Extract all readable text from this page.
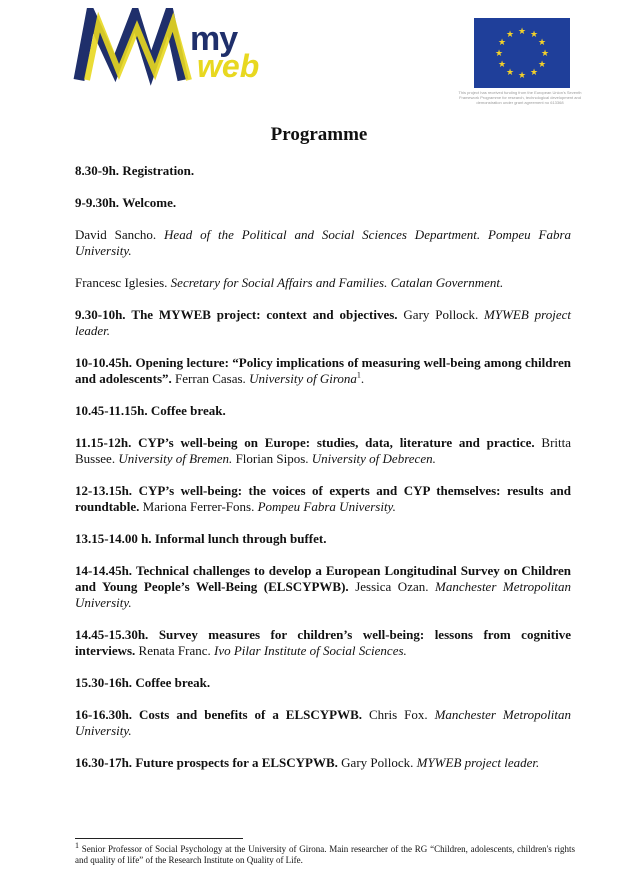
my
web
★ ★
★
★
★
★
★
★
★
★
★
★
This project has received funding from the European Union's Seventh Framework Programme for research, technological development and demonstration under grant agreement no 613368
Programme
8.30-9h. Registration.
9-9.30h. Welcome.
David Sancho. Head of the Political and Social Sciences Department. Pompeu Fabra University.
Francesc Iglesies. Secretary for Social Affairs and Families. Catalan Government.
9.30-10h. The MYWEB project: context and objectives. Gary Pollock. MYWEB project leader.
10-10.45h. Opening lecture: “Policy implications of measuring well-being among children and adolescents”. Ferran Casas. University of Girona$^1$.
10.45-11.15h. Coffee break.
11.15-12h. CYP’s well-being on Europe: studies, data, literature and practice. Britta Bussee. University of Bremen. Florian Sipos. University of Debrecen.
12-13.15h. CYP’s well-being: the voices of experts and CYP themselves: results and roundtable. Mariona Ferrer-Fons. Pompeu Fabra University.
13.15-14.00 h. Informal lunch through buffet.
14-14.45h. Technical challenges to develop a European Longitudinal Survey on Children and Young People’s Well-Being (ELSCYPWB). Jessica Ozan. Manchester Metropolitan University.
14.45-15.30h. Survey measures for children’s well-being: lessons from cognitive interviews. Renata Franc. Ivo Pilar Institute of Social Sciences.
15.30-16h. Coffee break.
16-16.30h. Costs and benefits of a ELSCYPWB. Chris Fox. Manchester Metropolitan University.
16.30-17h. Future prospects for a ELSCYPWB. Gary Pollock. MYWEB project leader.
$^1$ Senior Professor of Social Psychology at the University of Girona. Main researcher of the RG “Children, adolescents, children's rights and quality of life” of the Research Institute on Quality of Life.
